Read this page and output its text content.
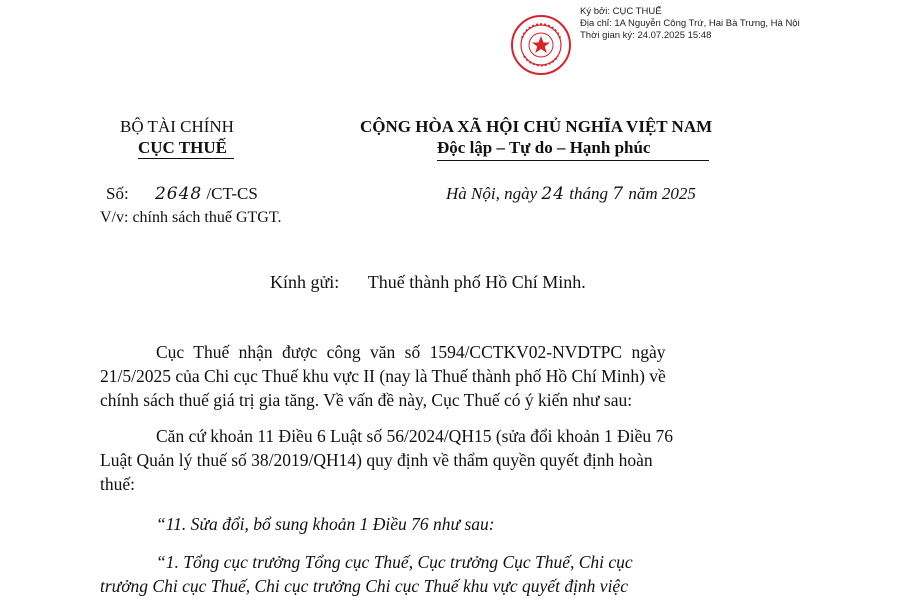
Ký bởi: CỤC THUẾ
Địa chỉ: 1A Nguyễn Công Trứ, Hai Bà Trưng, Hà Nội
Thời gian ký: 24.07.2025 15:48
BỘ TÀI CHÍNH
CỤC THUẾ
Số: 2648 /CT-CS
V/v: chính sách thuế GTGT.
CỘNG HÒA XÃ HỘI CHỦ NGHĨA VIỆT NAM
Độc lập – Tự do – Hạnh phúc
Hà Nội, ngày 24 tháng 7 năm 2025
Kính gửi: Thuế thành phố Hồ Chí Minh.
Cục Thuế nhận được công văn số 1594/CCTKV02-NVDTPC ngày
21/5/2025 của Chi cục Thuế khu vực II (nay là Thuế thành phố Hồ Chí Minh) về
chính sách thuế giá trị gia tăng. Về vấn đề này, Cục Thuế có ý kiến như sau:
Căn cứ khoản 11 Điều 6 Luật số 56/2024/QH15 (sửa đổi khoản 1 Điều 76
Luật Quản lý thuế số 38/2019/QH14) quy định về thẩm quyền quyết định hoàn
thuế:
“11. Sửa đổi, bổ sung khoản 1 Điều 76 như sau:
“1. Tổng cục trưởng Tổng cục Thuế, Cục trưởng Cục Thuế, Chi cục
trưởng Chi cục Thuế, Chi cục trưởng Chi cục Thuế khu vực quyết định việc
